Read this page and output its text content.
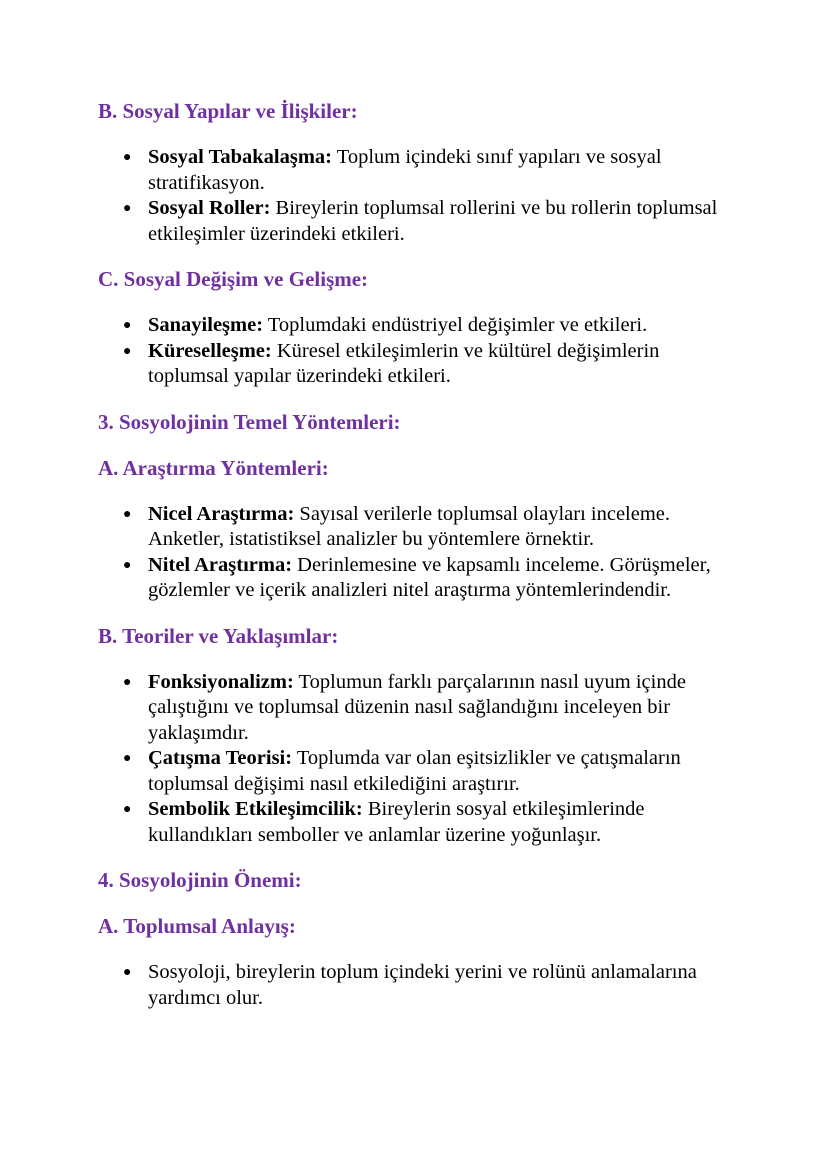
B. Sosyal Yapılar ve İlişkiler:
● Sosyal Tabakalaşma: Toplum içindeki sınıf yapıları ve sosyal stratifikasyon.
● Sosyal Roller: Bireylerin toplumsal rollerini ve bu rollerin toplumsal etkileşimler üzerindeki etkileri.
C. Sosyal Değişim ve Gelişme:
● Sanayileşme: Toplumdaki endüstriyel değişimler ve etkileri.
● Küreselleşme: Küresel etkileşimlerin ve kültürel değişimlerin toplumsal yapılar üzerindeki etkileri.
3. Sosyolojinin Temel Yöntemleri:
A. Araştırma Yöntemleri:
● Nicel Araştırma: Sayısal verilerle toplumsal olayları inceleme. Anketler, istatistiksel analizler bu yöntemlere örnektir.
● Nitel Araştırma: Derinlemesine ve kapsamlı inceleme. Görüşmeler, gözlemler ve içerik analizleri nitel araştırma yöntemlerindendir.
B. Teoriler ve Yaklaşımlar:
● Fonksiyonalizm: Toplumun farklı parçalarının nasıl uyum içinde çalıştığını ve toplumsal düzenin nasıl sağlandığını inceleyen bir yaklaşımdır.
● Çatışma Teorisi: Toplumda var olan eşitsizlikler ve çatışmaların toplumsal değişimi nasıl etkilediğini araştırır.
● Sembolik Etkileşimcilik: Bireylerin sosyal etkileşimlerinde kullandıkları semboller ve anlamlar üzerine yoğunlaşır.
4. Sosyolojinin Önemi:
A. Toplumsal Anlayış:
● Sosyoloji, bireylerin toplum içindeki yerini ve rolünü anlamalarına yardımcı olur.
